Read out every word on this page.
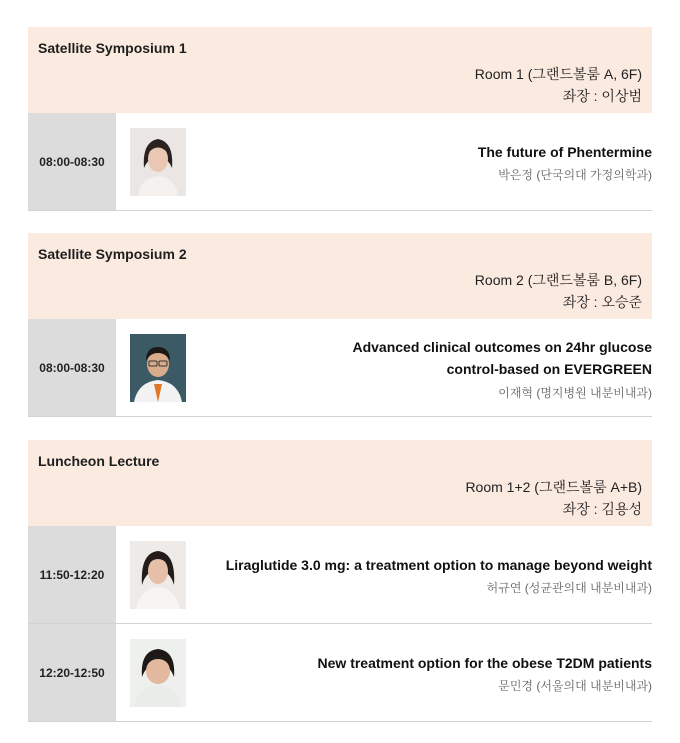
Satellite Symposium 1
Room 1 (그랜드볼룸 A, 6F)
좌장 : 이상범
08:00-08:30
The future of Phentermine
박은정 (단국의대 가정의학과)
Satellite Symposium 2
Room 2 (그랜드볼룸 B, 6F)
좌장 : 오승준
08:00-08:30
Advanced clinical outcomes on 24hr glucose
control-based on EVERGREEN
이재혁 (명지병원 내분비내과)
Luncheon Lecture
Room 1+2 (그랜드볼룸 A+B)
좌장 : 김용성
11:50-12:20
Liraglutide 3.0 mg: a treatment option to manage beyond weight
허규연 (성균관의대 내분비내과)
12:20-12:50
New treatment option for the obese T2DM patients
문민경 (서울의대 내분비내과)
